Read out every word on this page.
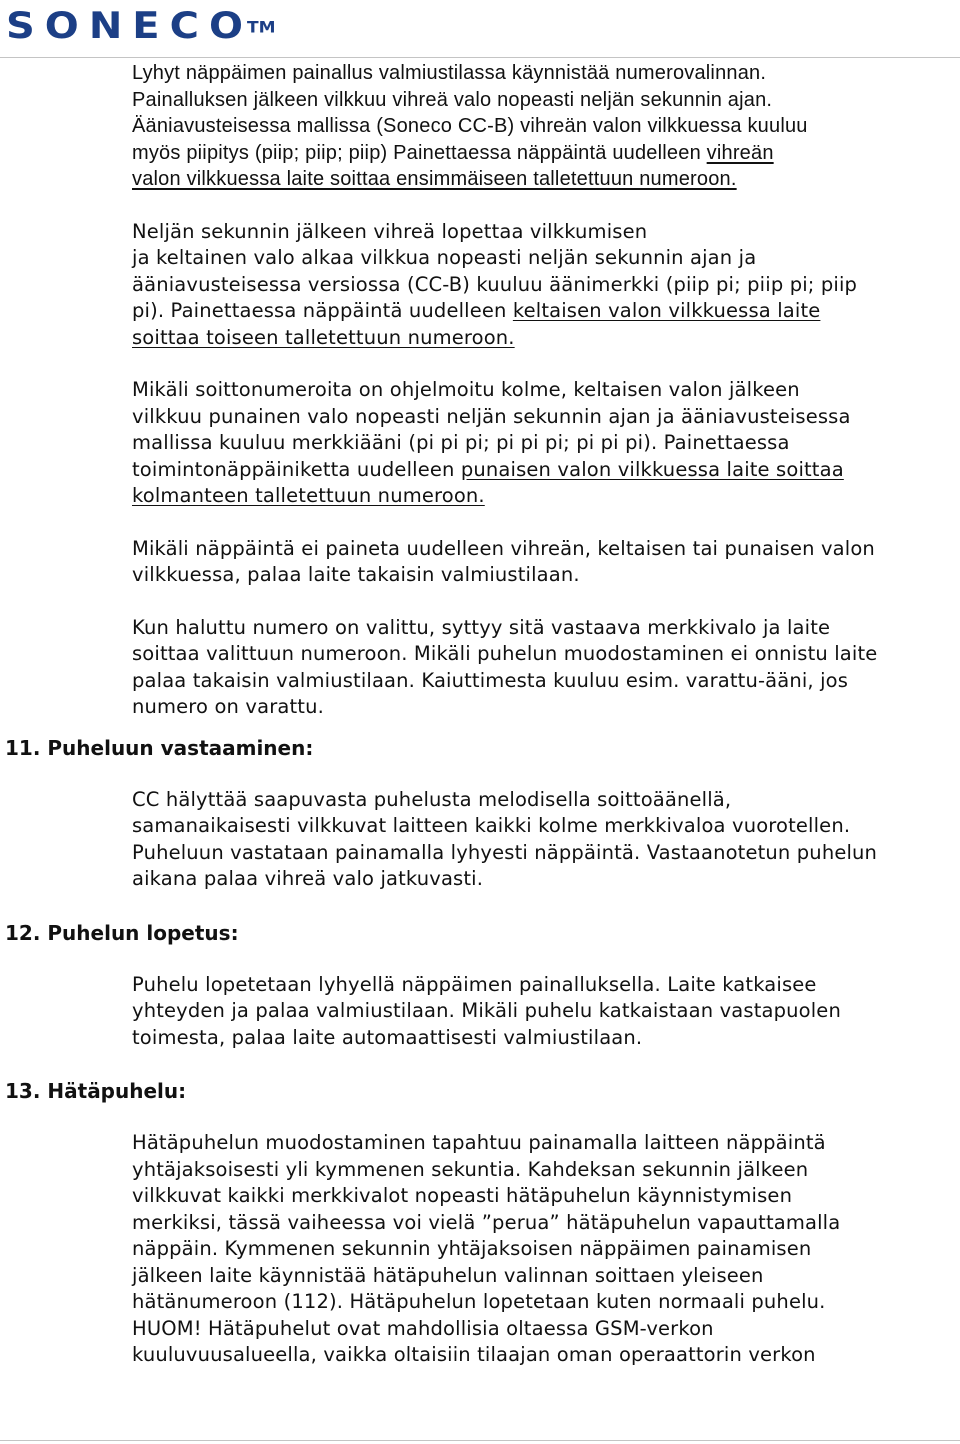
SONECO™
Lyhyt näppäimen painallus valmiustilassa käynnistää numerovalinnan.
Painalluksen jälkeen vilkkuu vihreä valo nopeasti neljän sekunnin ajan.
Ääniavusteisessa mallissa (Soneco CC-B) vihreän valon vilkkuessa kuuluu
myös piipitys (piip; piip; piip) Painettaessa näppäintä uudelleen vihreän
valon vilkkuessa laite soittaa ensimmäiseen talletettuun numeroon.
Neljän sekunnin jälkeen vihreä lopettaa vilkkumisen
ja keltainen valo alkaa vilkkua nopeasti neljän sekunnin ajan ja
ääniavusteisessa versiossa (CC-B) kuuluu äänimerkki (piip pi; piip pi; piip
pi). Painettaessa näppäintä uudelleen keltaisen valon vilkkuessa laite
soittaa toiseen talletettuun numeroon.
Mikäli soittonumeroita on ohjelmoitu kolme, keltaisen valon jälkeen
vilkkuu punainen valo nopeasti neljän sekunnin ajan ja ääniavusteisessa
mallissa kuuluu merkkiääni (pi pi pi; pi pi pi; pi pi pi). Painettaessa
toimintonäppäiniketta uudelleen punaisen valon vilkkuessa laite soittaa
kolmanteen talletettuun numeroon.
Mikäli näppäintä ei paineta uudelleen vihreän, keltaisen tai punaisen valon
vilkkuessa, palaa laite takaisin valmiustilaan.
Kun haluttu numero on valittu, syttyy sitä vastaava merkkivalo ja laite
soittaa valittuun numeroon. Mikäli puhelun muodostaminen ei onnistu laite
palaa takaisin valmiustilaan. Kaiuttimesta kuuluu esim. varattu-ääni, jos
numero on varattu.
11. Puheluun vastaaminen:
CC hälyttää saapuvasta puhelusta melodisella soittoäänellä,
samanaikaisesti vilkkuvat laitteen kaikki kolme merkkivaloa vuorotellen.
Puheluun vastataan painamalla lyhyesti näppäintä. Vastaanotetun puhelun
aikana palaa vihreä valo jatkuvasti.
12. Puhelun lopetus:
Puhelu lopetetaan lyhyellä näppäimen painalluksella. Laite katkaisee
yhteyden ja palaa valmiustilaan. Mikäli puhelu katkaistaan vastapuolen
toimesta, palaa laite automaattisesti valmiustilaan.
13. Hätäpuhelu:
Hätäpuhelun muodostaminen tapahtuu painamalla laitteen näppäintä
yhtäjaksoisesti yli kymmenen sekuntia. Kahdeksan sekunnin jälkeen
vilkkuvat kaikki merkkivalot nopeasti hätäpuhelun käynnistymisen
merkiksi, tässä vaiheessa voi vielä ”perua” hätäpuhelun vapauttamalla
näppäin. Kymmenen sekunnin yhtäjaksoisen näppäimen painamisen
jälkeen laite käynnistää hätäpuhelun valinnan soittaen yleiseen
hätänumeroon (112). Hätäpuhelun lopetetaan kuten normaali puhelu.
HUOM! Hätäpuhelut ovat mahdollisia oltaessa GSM-verkon
kuuluvuusalueella, vaikka oltaisiin tilaajan oman operaattorin verkon
